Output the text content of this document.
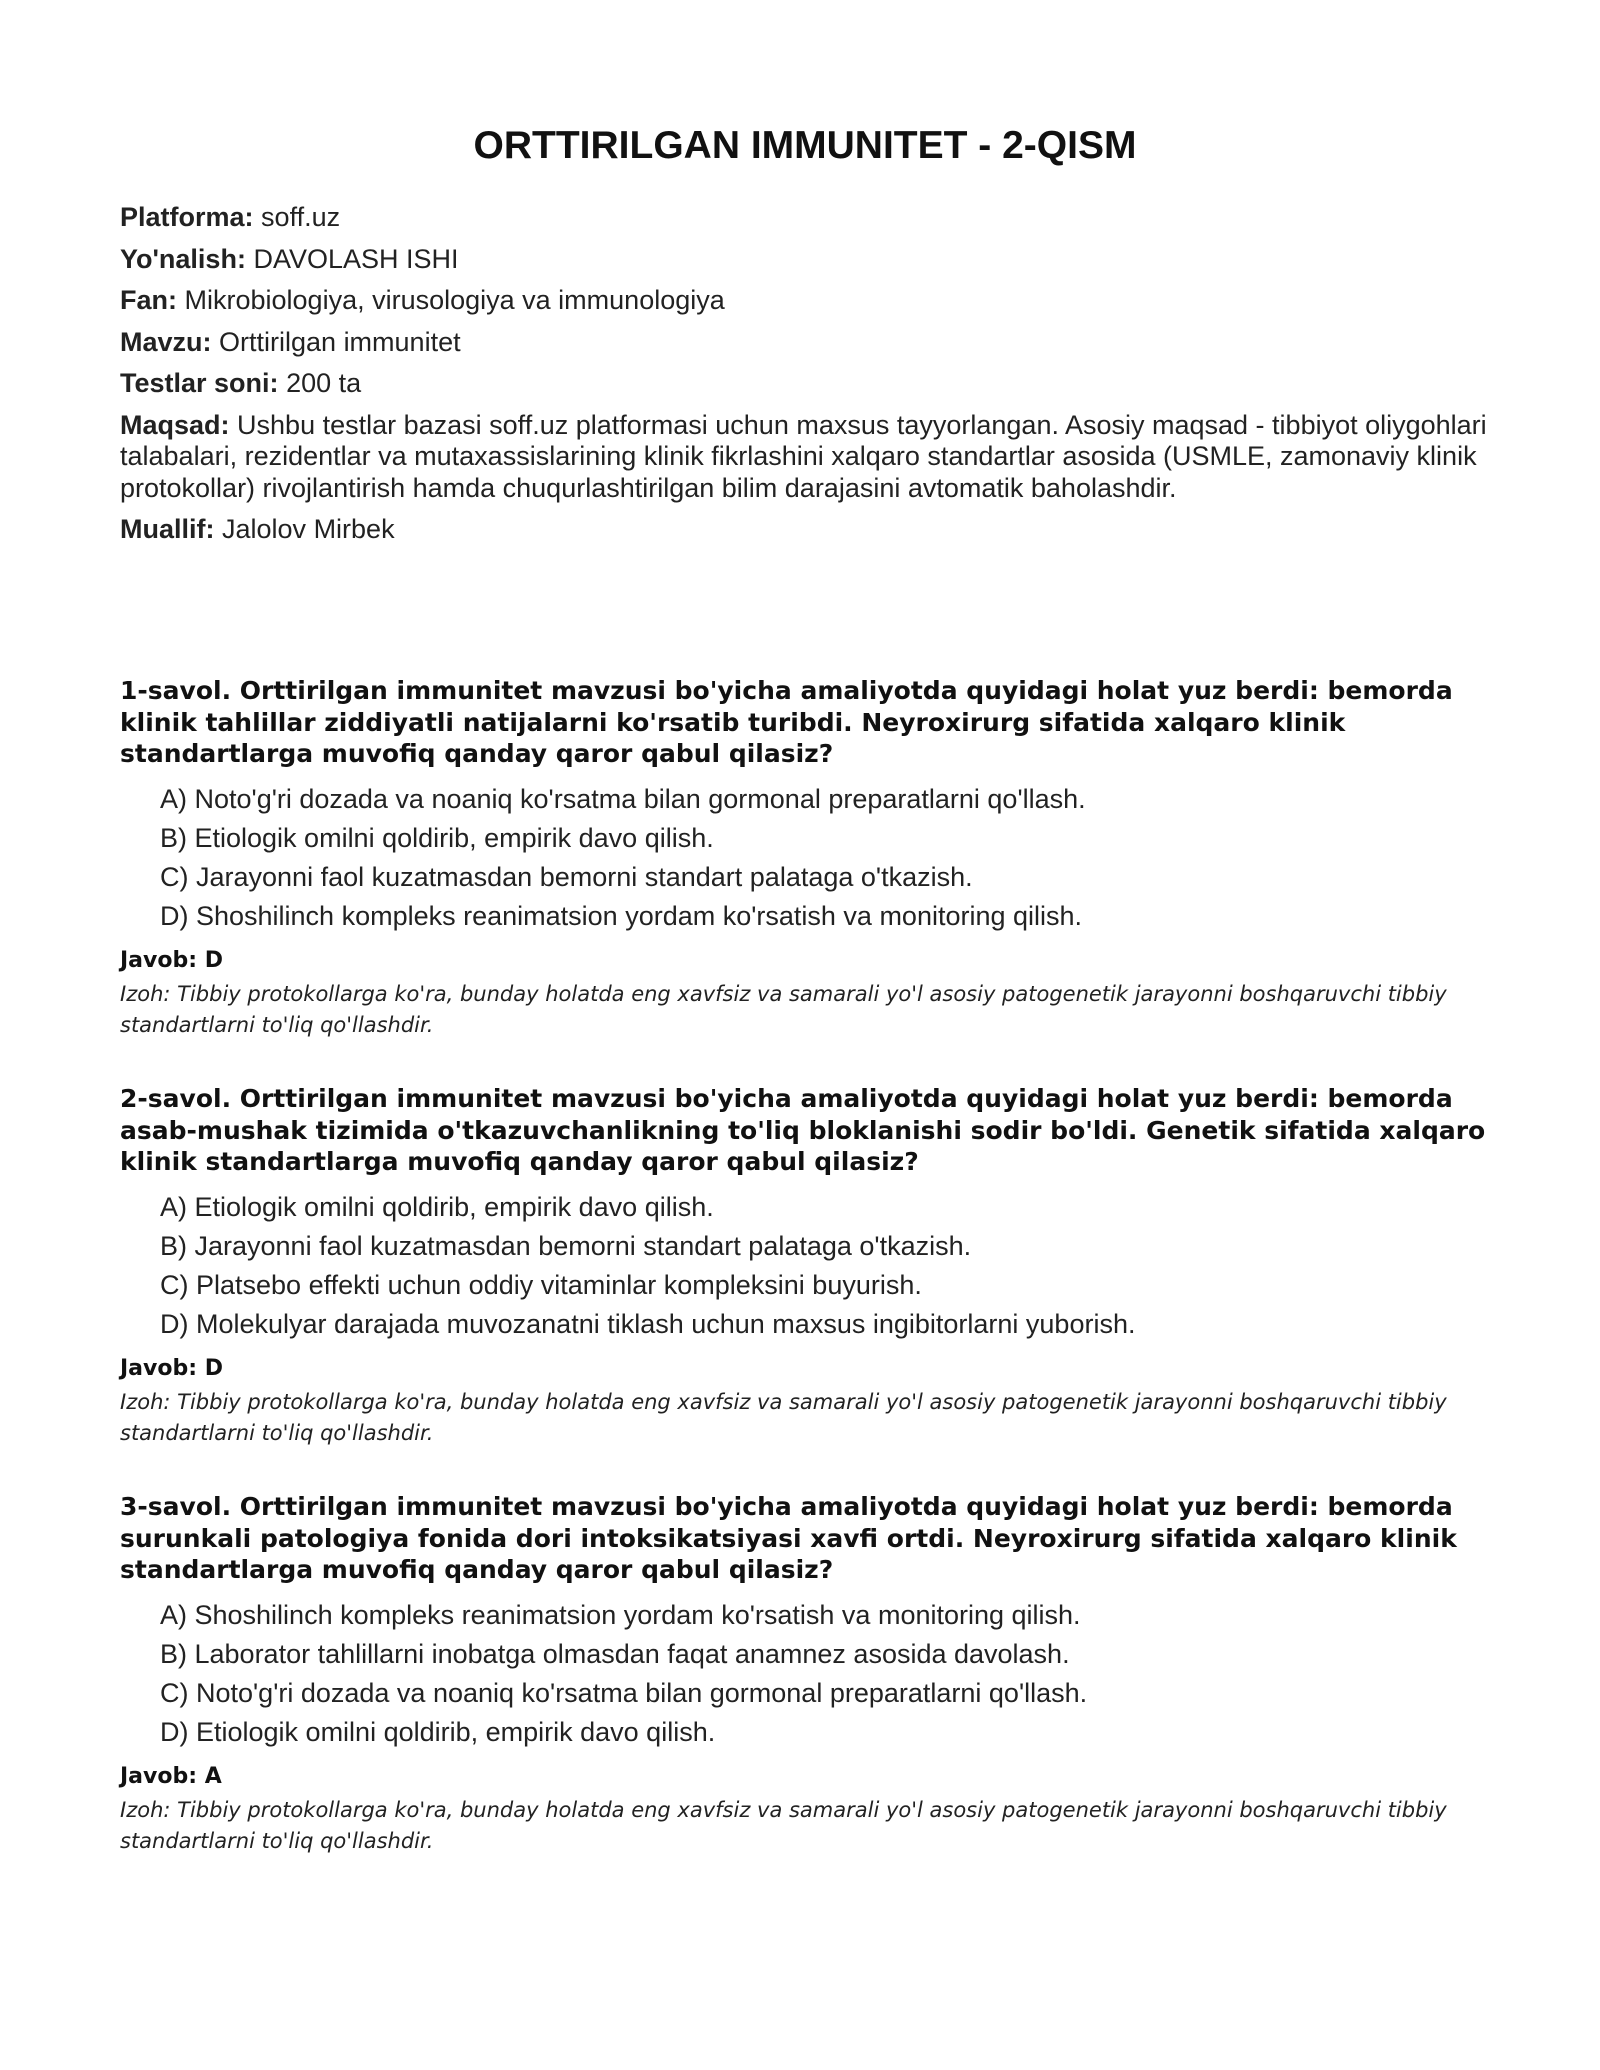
ORTTIRILGAN IMMUNITET - 2-QISM
Platforma: soff.uz
Yo'nalish: DAVOLASH ISHI
Fan: Mikrobiologiya, virusologiya va immunologiya
Mavzu: Orttirilgan immunitet
Testlar soni: 200 ta
Maqsad: Ushbu testlar bazasi soff.uz platformasi uchun maxsus tayyorlangan. Asosiy maqsad - tibbiyot oliygohlari talabalari, rezidentlar va mutaxassislarining klinik fikrlashini xalqaro standartlar asosida (USMLE, zamonaviy klinik protokollar) rivojlantirish hamda chuqurlashtirilgan bilim darajasini avtomatik baholashdir.
Muallif: Jalolov Mirbek
1-savol. Orttirilgan immunitet mavzusi bo'yicha amaliyotda quyidagi holat yuz berdi: bemorda klinik tahlillar ziddiyatli natijalarni ko'rsatib turibdi. Neyroxirurg sifatida xalqaro klinik standartlarga muvofiq qanday qaror qabul qilasiz?
A) Noto'g'ri dozada va noaniq ko'rsatma bilan gormonal preparatlarni qo'llash.
B) Etiologik omilni qoldirib, empirik davo qilish.
C) Jarayonni faol kuzatmasdan bemorni standart palataga o'tkazish.
D) Shoshilinch kompleks reanimatsion yordam ko'rsatish va monitoring qilish.
Javob: D
Izoh: Tibbiy protokollarga ko'ra, bunday holatda eng xavfsiz va samarali yo'l asosiy patogenetik jarayonni boshqaruvchi tibbiy standartlarni to'liq qo'llashdir.
2-savol. Orttirilgan immunitet mavzusi bo'yicha amaliyotda quyidagi holat yuz berdi: bemorda asab-mushak tizimida o'tkazuvchanlikning to'liq bloklanishi sodir bo'ldi. Genetik sifatida xalqaro klinik standartlarga muvofiq qanday qaror qabul qilasiz?
A) Etiologik omilni qoldirib, empirik davo qilish.
B) Jarayonni faol kuzatmasdan bemorni standart palataga o'tkazish.
C) Platsebo effekti uchun oddiy vitaminlar kompleksini buyurish.
D) Molekulyar darajada muvozanatni tiklash uchun maxsus ingibitorlarni yuborish.
Javob: D
Izoh: Tibbiy protokollarga ko'ra, bunday holatda eng xavfsiz va samarali yo'l asosiy patogenetik jarayonni boshqaruvchi tibbiy standartlarni to'liq qo'llashdir.
3-savol. Orttirilgan immunitet mavzusi bo'yicha amaliyotda quyidagi holat yuz berdi: bemorda surunkali patologiya fonida dori intoksikatsiyasi xavfi ortdi. Neyroxirurg sifatida xalqaro klinik standartlarga muvofiq qanday qaror qabul qilasiz?
A) Shoshilinch kompleks reanimatsion yordam ko'rsatish va monitoring qilish.
B) Laborator tahlillarni inobatga olmasdan faqat anamnez asosida davolash.
C) Noto'g'ri dozada va noaniq ko'rsatma bilan gormonal preparatlarni qo'llash.
D) Etiologik omilni qoldirib, empirik davo qilish.
Javob: A
Izoh: Tibbiy protokollarga ko'ra, bunday holatda eng xavfsiz va samarali yo'l asosiy patogenetik jarayonni boshqaruvchi tibbiy standartlarni to'liq qo'llashdir.
